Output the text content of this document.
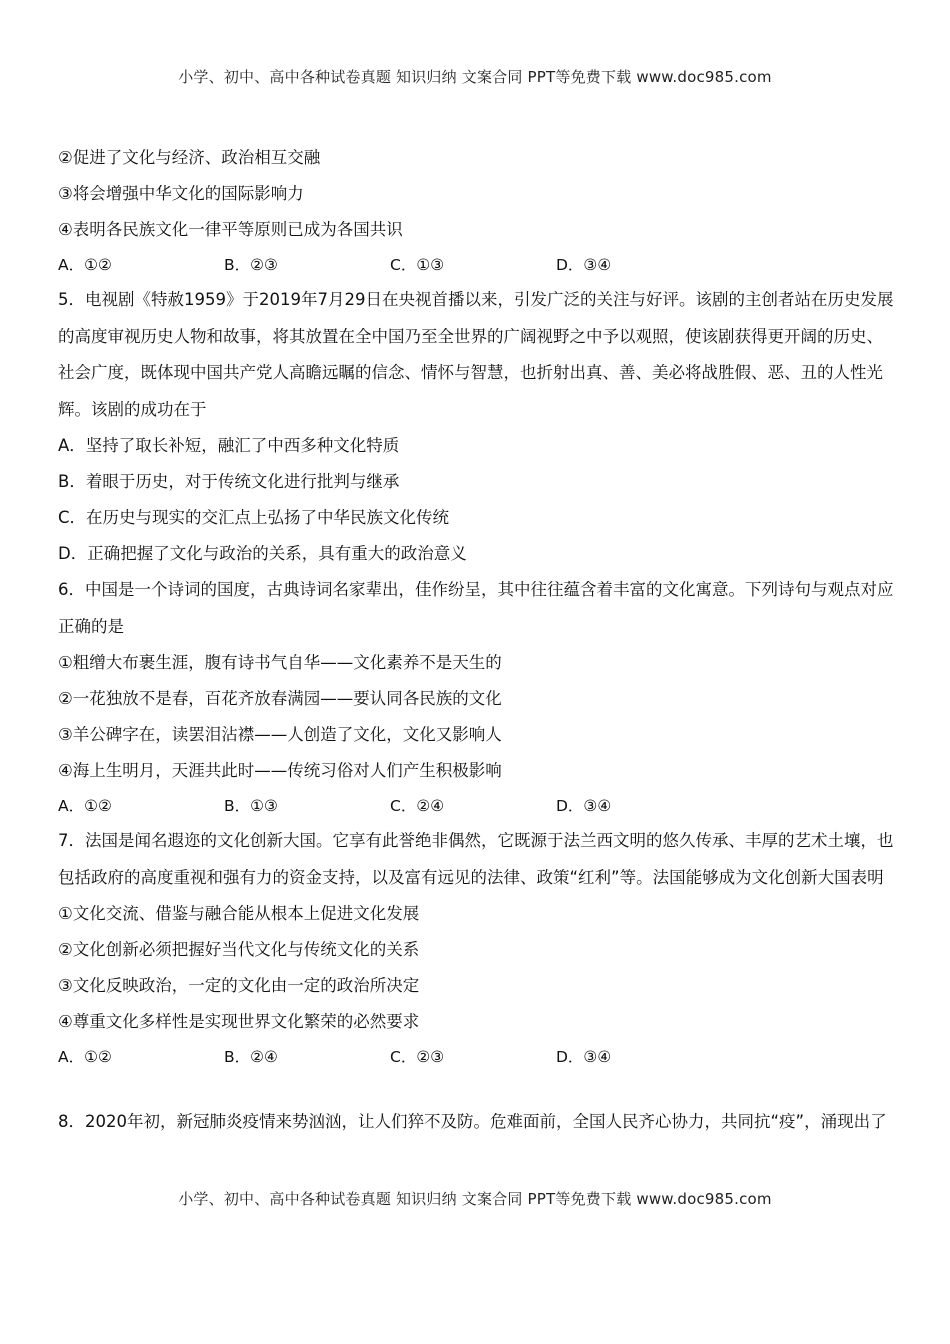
小学、初中、高中各种试卷真题 知识归纳 文案合同 PPT等免费下载 www.doc985.com
②促进了文化与经济、政治相互交融
③将会增强中华文化的国际影响力
④表明各民族文化一律平等原则已成为各国共识
A．①②	B．②③	C．①③	D．③④
5．电视剧《特赦1959》于2019年7月29日在央视首播以来，引发广泛的关注与好评。该剧的主创者站在历史发展的高度审视历史人物和故事，将其放置在全中国乃至全世界的广阔视野之中予以观照，使该剧获得更开阔的历史、社会广度，既体现中国共产党人高瞻远瞩的信念、情怀与智慧，也折射出真、善、美必将战胜假、恶、丑的人性光辉。该剧的成功在于
A．坚持了取长补短，融汇了中西多种文化特质
B．着眼于历史，对于传统文化进行批判与继承
C．在历史与现实的交汇点上弘扬了中华民族文化传统
D．正确把握了文化与政治的关系，具有重大的政治意义
6．中国是一个诗词的国度，古典诗词名家辈出，佳作纷呈，其中往往蕴含着丰富的文化寓意。下列诗句与观点对应正确的是
①粗缯大布裹生涯，腹有诗书气自华——文化素养不是天生的
②一花独放不是春，百花齐放春满园——要认同各民族的文化
③羊公碑字在，读罢泪沾襟——人创造了文化，文化又影响人
④海上生明月，天涯共此时——传统习俗对人们产生积极影响
A．①②	B．①③	C．②④	D．③④
7．法国是闻名遐迩的文化创新大国。它享有此誉绝非偶然，它既源于法兰西文明的悠久传承、丰厚的艺术土壤，也包括政府的高度重视和强有力的资金支持，以及富有远见的法律、政策“红利”等。法国能够成为文化创新大国表明
①文化交流、借鉴与融合能从根本上促进文化发展
②文化创新必须把握好当代文化与传统文化的关系
③文化反映政治，一定的文化由一定的政治所决定
④尊重文化多样性是实现世界文化繁荣的必然要求
A．①②	B．②④	C．②③	D．③④
8．2020年初，新冠肺炎疫情来势汹汹，让人们猝不及防。危难面前，全国人民齐心协力，共同抗“疫”，涌现出了
小学、初中、高中各种试卷真题 知识归纳 文案合同 PPT等免费下载 www.doc985.com
